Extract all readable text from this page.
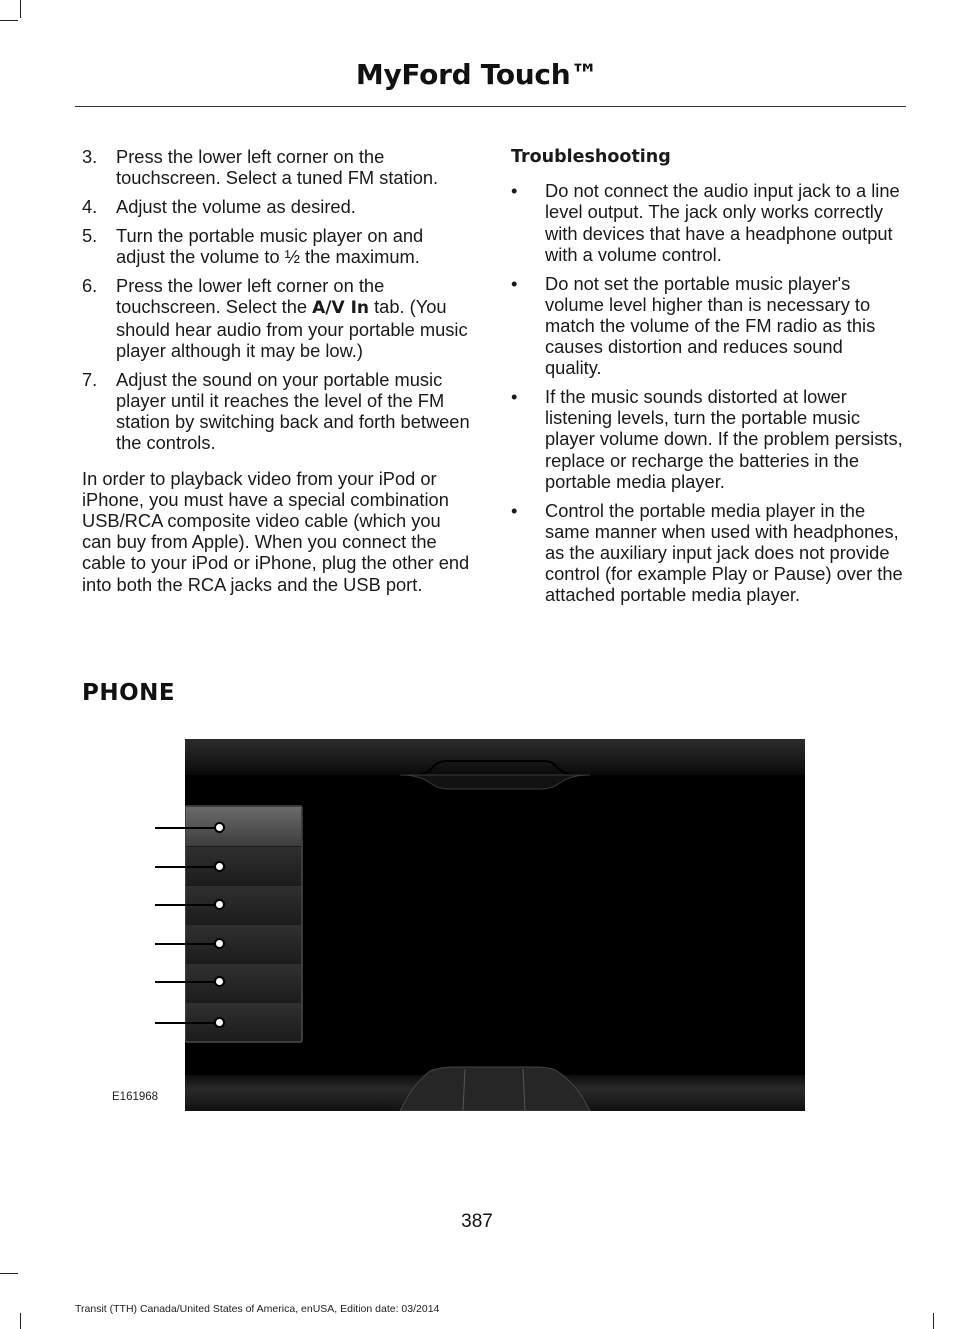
MyFord Touch™
3. Press the lower left corner on the touchscreen. Select a tuned FM station.
4. Adjust the volume as desired.
5. Turn the portable music player on and adjust the volume to ½ the maximum.
6. Press the lower left corner on the touchscreen. Select the A/V In tab. (You should hear audio from your portable music player although it may be low.)
7. Adjust the sound on your portable music player until it reaches the level of the FM station by switching back and forth between the controls.
In order to playback video from your iPod or iPhone, you must have a special combination USB/RCA composite video cable (which you can buy from Apple). When you connect the cable to your iPod or iPhone, plug the other end into both the RCA jacks and the USB port.
Troubleshooting
• Do not connect the audio input jack to a line level output. The jack only works correctly with devices that have a headphone output with a volume control.
• Do not set the portable music player's volume level higher than is necessary to match the volume of the FM radio as this causes distortion and reduces sound quality.
• If the music sounds distorted at lower listening levels, turn the portable music player volume down. If the problem persists, replace or recharge the batteries in the portable media player.
• Control the portable media player in the same manner when used with headphones, as the auxiliary input jack does not provide control (for example Play or Pause) over the attached portable media player.
PHONE
E161968
387
Transit (TTH) Canada/United States of America, enUSA, Edition date: 03/2014
